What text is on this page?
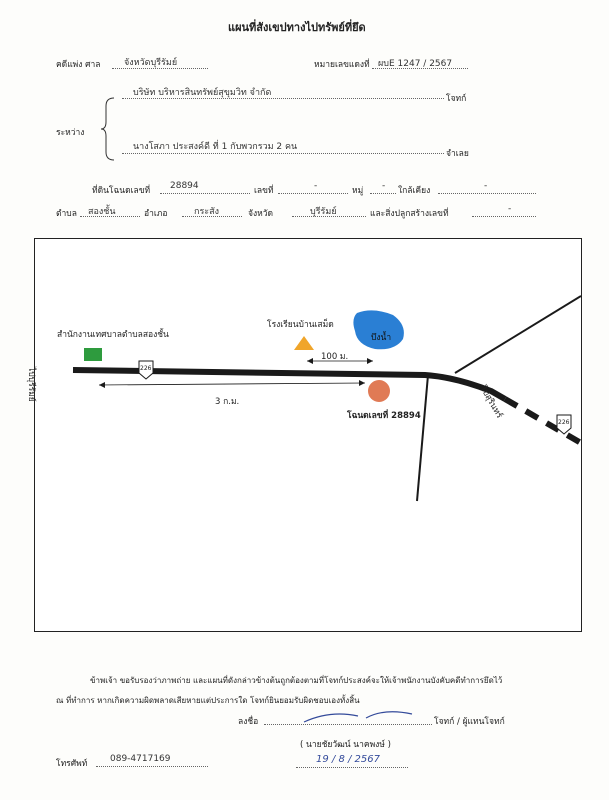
แผนที่สังเขปทางไปทรัพย์ที่ยึด
คดีแพ่ง ศาล	จังหวัดบุรีรัมย์	หมายเลขแดงที่ ผบE 1247 / 2567
บริษัท บริหารสินทรัพย์สุขุมวิท จำกัด
โจทก์
ระหว่าง
นางโสภา ประสงค์ดี ที่ 1 กับพวกรวม 2 คน
จำเลย
ที่ดินโฉนดเลขที่ 28894	เลขที่	-	หมู่ - ใกล้เคียง	-
ตำบล สองชั้น	อำเภอ	กระสัง	จังหวัด	บุรีรัมย์	และสิ่งปลูกสร้างเลขที่	-
สำนักงานเทศบาลตำบลสองชั้น
โรงเรียนบ้านเสม็ด
บึงน้ำ
100 ม.
3 ก.ม.
โฉนดเลขที่ 28894
ไปบุรีรัมย์
ไปสุรินทร์
226
226
ข้าพเจ้า ขอรับรองว่าภาพถ่าย และแผนที่ดังกล่าวข้างต้นถูกต้องตามที่โจทก์ประสงค์จะให้เจ้าพนักงานบังคับคดีทำการยึดไว้
ณ ที่ทำการ หากเกิดความผิดพลาดเสียหายแต่ประการใด โจทก์ยินยอมรับผิดชอบเองทั้งสิ้น
ลงชื่อ	โจทก์ / ผู้แทนโจทก์
( นายชัยวัฒน์ นาคพงษ์ )
โทรศัพท์	089-4717169	19 / 8 / 2567
